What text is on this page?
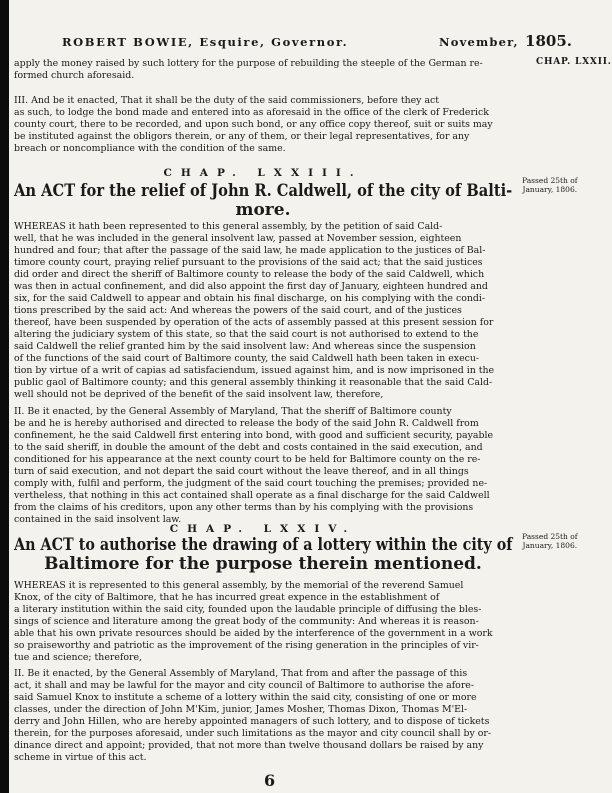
ROBERT BOWIE, Esquire, Governor.	November, 1805.
CHAP. LXXII.
apply the money raised by such lottery for the purpose of rebuilding the steeple of the German re-
formed church aforesaid.
III. And be it enacted, That it shall be the duty of the said commissioners, before they act
as such, to lodge the bond made and entered into as aforesaid in the office of the clerk of Frederick
county court, there to be recorded, and upon such bond, or any office copy thereof, suit or suits may
be instituted against the obligors therein, or any of them, or their legal representatives, for any
breach or noncompliance with the condition of the same.
CHAP. LXXIII.
An ACT for the relief of John R. Caldwell, of the city of Balti-
more.
Passed 25th of
January, 1806.
WHEREAS it hath been represented to this general assembly, by the petition of said Cald-
well, that he was included in the general insolvent law, passed at November session, eighteen
hundred and four; that after the passage of the said law, he made application to the justices of Bal-
timore county court, praying relief pursuant to the provisions of the said act; that the said justices
did order and direct the sheriff of Baltimore county to release the body of the said Caldwell, which
was then in actual confinement, and did also appoint the first day of January, eighteen hundred and
six, for the said Caldwell to appear and obtain his final discharge, on his complying with the condi-
tions prescribed by the said act: And whereas the powers of the said court, and of the justices
thereof, have been suspended by operation of the acts of assembly passed at this present session for
altering the judiciary system of this state, so that the said court is not authorised to extend to the
said Caldwell the relief granted him by the said insolvent law: And whereas since the suspension
of the functions of the said court of Baltimore county, the said Caldwell hath been taken in execu-
tion by virtue of a writ of capias ad satisfaciendum, issued against him, and is now imprisoned in the
public gaol of Baltimore county; and this general assembly thinking it reasonable that the said Cald-
well should not be deprived of the benefit of the said insolvent law, therefore,
II. Be it enacted, by the General Assembly of Maryland, That the sheriff of Baltimore county
be and he is hereby authorised and directed to release the body of the said John R. Caldwell from
confinement, he the said Caldwell first entering into bond, with good and sufficient security, payable
to the said sheriff, in double the amount of the debt and costs contained in the said execution, and
conditioned for his appearance at the next county court to be held for Baltimore county on the re-
turn of said execution, and not depart the said court without the leave thereof, and in all things
comply with, fulfil and perform, the judgment of the said court touching the premises; provided ne-
vertheless, that nothing in this act contained shall operate as a final discharge for the said Caldwell
from the claims of his creditors, upon any other terms than by his complying with the provisions
contained in the said insolvent law.
CHAP. LXXIV.
An ACT to authorise the drawing of a lottery within the city of
Baltimore for the purpose therein mentioned.
Passed 25th of
January, 1806.
WHEREAS it is represented to this general assembly, by the memorial of the reverend Samuel
Knox, of the city of Baltimore, that he has incurred great expence in the establishment of
a literary institution within the said city, founded upon the laudable principle of diffusing the bles-
sings of science and literature among the great body of the community: And whereas it is reason-
able that his own private resources should be aided by the interference of the government in a work
so praiseworthy and patriotic as the improvement of the rising generation in the principles of vir-
tue and science; therefore,
II. Be it enacted, by the General Assembly of Maryland, That from and after the passage of this
act, it shall and may be lawful for the mayor and city council of Baltimore to authorise the afore-
said Samuel Knox to institute a scheme of a lottery within the said city, consisting of one or more
classes, under the direction of John M'Kim, junior, James Mosher, Thomas Dixon, Thomas M'El-
derry and John Hillen, who are hereby appointed managers of such lottery, and to dispose of tickets
therein, for the purposes aforesaid, under such limitations as the mayor and city council shall by or-
dinance direct and appoint; provided, that not more than twelve thousand dollars be raised by any
scheme in virtue of this act.
6
